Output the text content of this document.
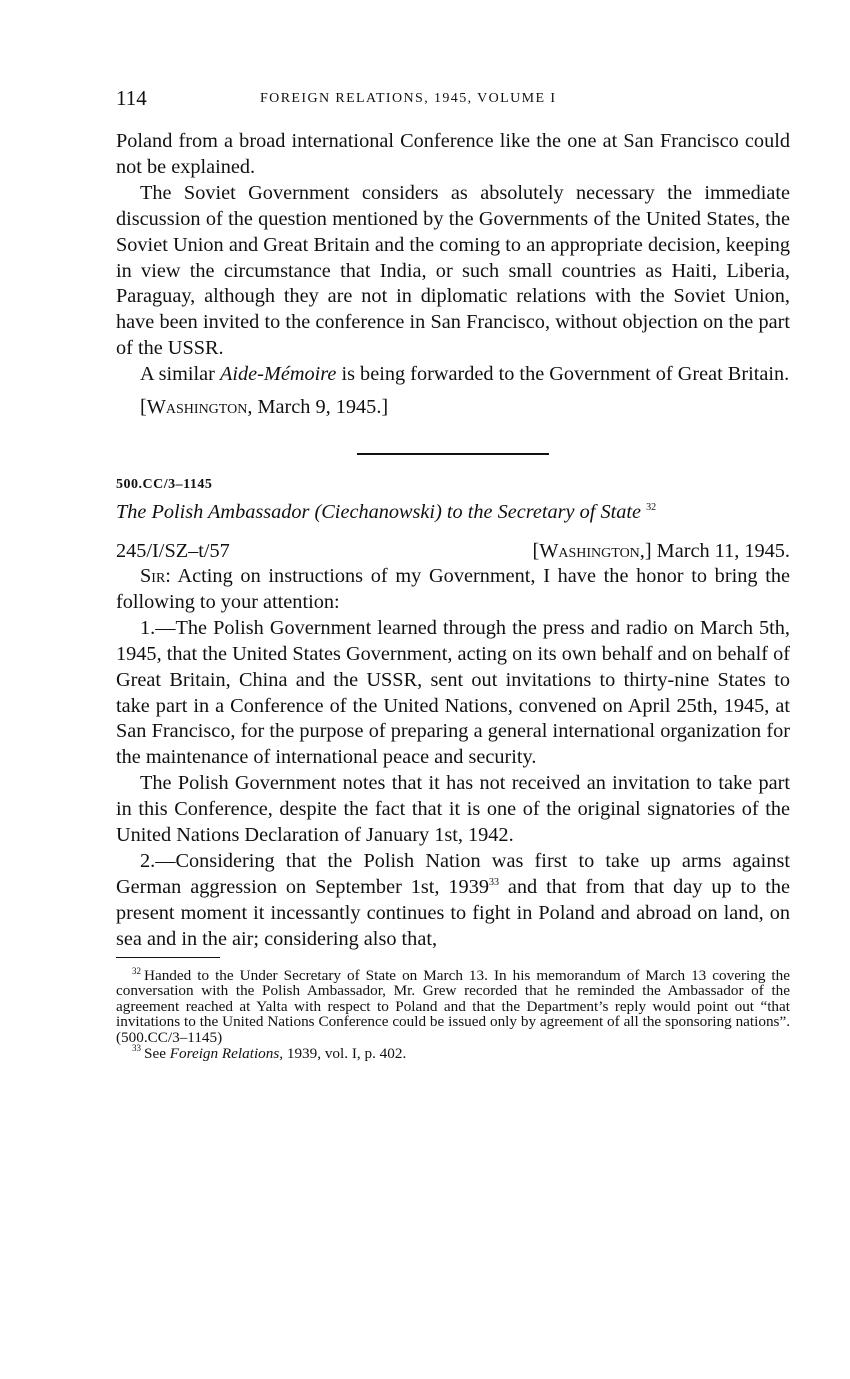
114	FOREIGN RELATIONS, 1945, VOLUME I

Poland from a broad international Conference like the one at San Francisco could not be explained.

The Soviet Government considers as absolutely necessary the immediate discussion of the question mentioned by the Governments of the United States, the Soviet Union and Great Britain and the coming to an appropriate decision, keeping in view the circumstance that India, or such small countries as Haiti, Liberia, Paraguay, although they are not in diplomatic relations with the Soviet Union, have been invited to the conference in San Francisco, without objection on the part of the USSR.

A similar Aide-Mémoire is being forwarded to the Government of Great Britain.

[Washington, March 9, 1945.]
500.CC/3–1145
The Polish Ambassador (Ciechanowski) to the Secretary of State $^{32}$
245/I/SZ–t/57	[Washington,] March 11, 1945.

Sir: Acting on instructions of my Government, I have the honor to bring the following to your attention:

1.—The Polish Government learned through the press and radio on March 5th, 1945, that the United States Government, acting on its own behalf and on behalf of Great Britain, China and the USSR, sent out invitations to thirty-nine States to take part in a Conference of the United Nations, convened on April 25th, 1945, at San Francisco, for the purpose of preparing a general international organization for the maintenance of international peace and security.

The Polish Government notes that it has not received an invitation to take part in this Conference, despite the fact that it is one of the original signatories of the United Nations Declaration of January 1st, 1942.

2.—Considering that the Polish Nation was first to take up arms against German aggression on September 1st, 1939$^{33}$ and that from that day up to the present moment it incessantly continues to fight in Poland and abroad on land, on sea and in the air; considering also that,

$^{32}$ Handed to the Under Secretary of State on March 13. In his memorandum of March 13 covering the conversation with the Polish Ambassador, Mr. Grew recorded that he reminded the Ambassador of the agreement reached at Yalta with respect to Poland and that the Department’s reply would point out “that invitations to the United Nations Conference could be issued only by agreement of all the sponsoring nations”. (500.CC/3–1145)

$^{33}$ See Foreign Relations, 1939, vol. I, p. 402.
